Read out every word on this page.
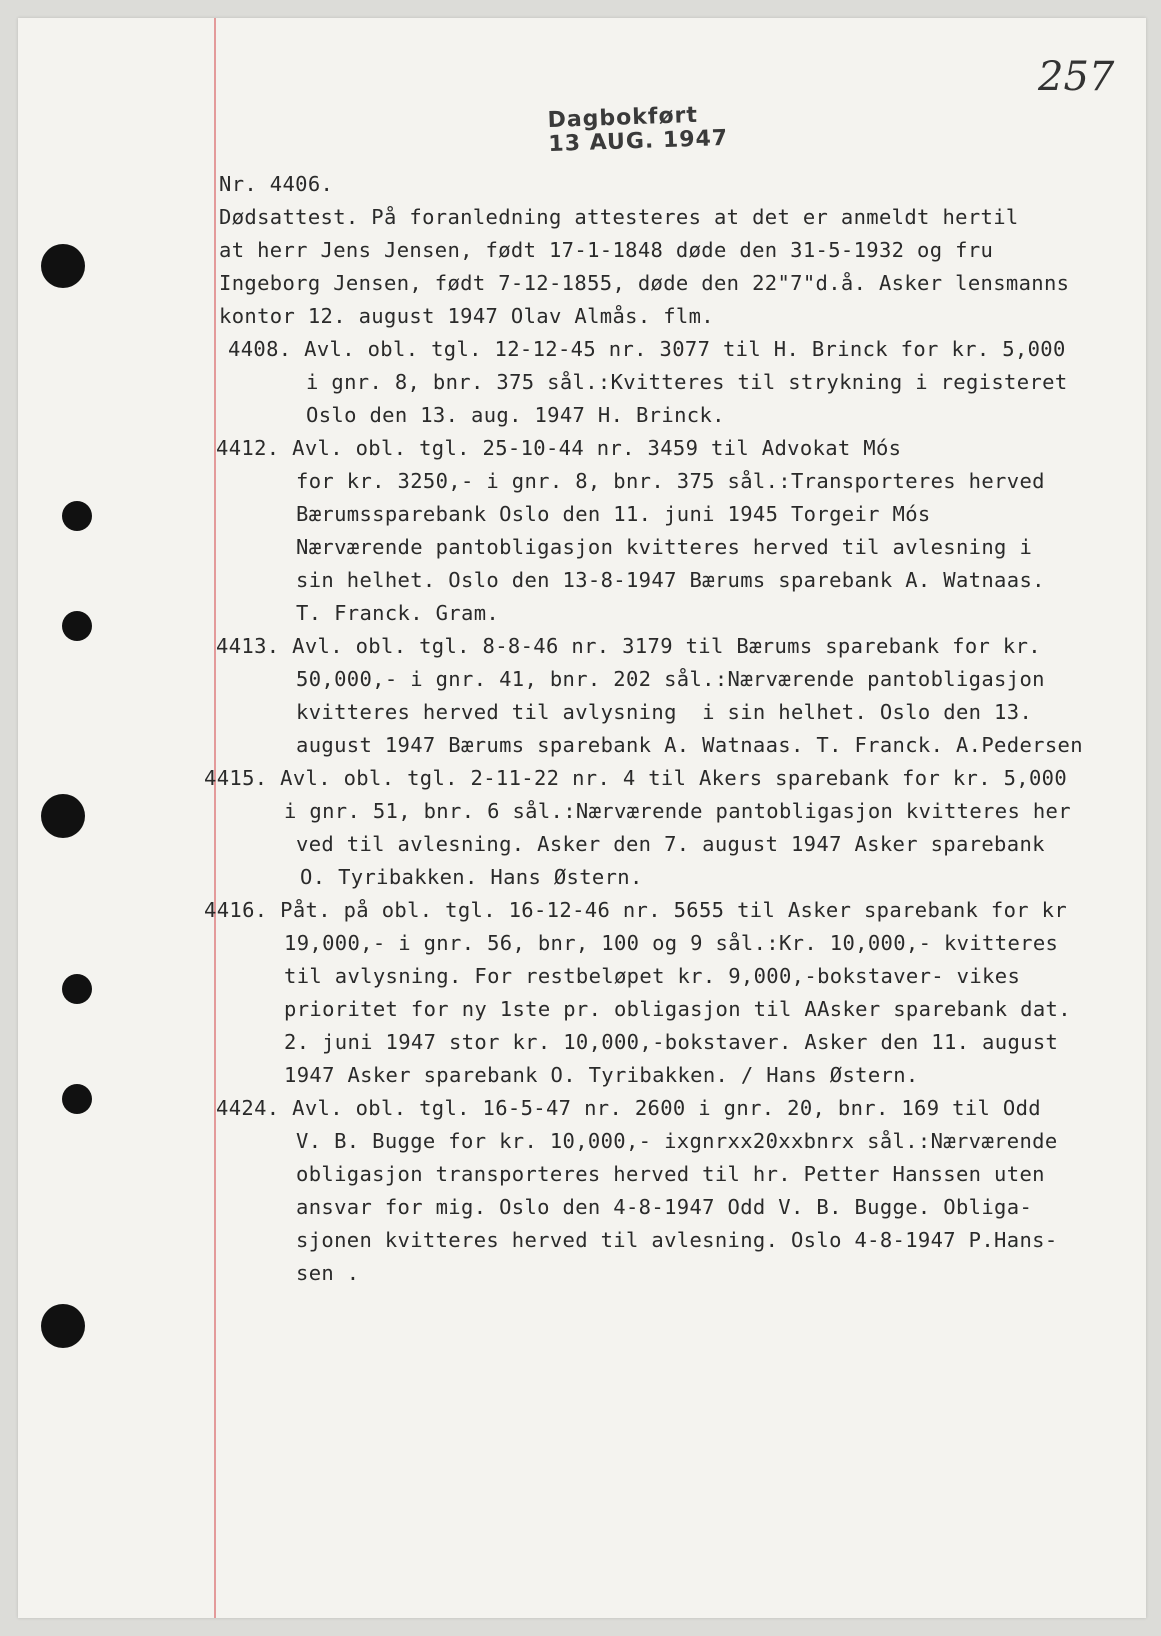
257
Dagbokført
13 AUG. 1947
Nr. 4406.
Dødsattest. På foranledning attesteres at det er anmeldt hertil
at herr Jens Jensen, født 17-1-1848 døde den 31-5-1932 og fru
Ingeborg Jensen, født 7-12-1855, døde den 22"7"d.å. Asker lensmanns
kontor 12. august 1947 Olav Almås. flm.
4408. Avl. obl. tgl. 12-12-45 nr. 3077 til H. Brinck for kr. 5,000
i gnr. 8, bnr. 375 sål.:Kvitteres til strykning i registeret
Oslo den 13. aug. 1947 H. Brinck.
4412. Avl. obl. tgl. 25-10-44 nr. 3459 til Advokat Mós
for kr. 3250,- i gnr. 8, bnr. 375 sål.:Transporteres herved
Bærumssparebank Oslo den 11. juni 1945 Torgeir Mós
Nærværende pantobligasjon kvitteres herved til avlesning i
sin helhet. Oslo den 13-8-1947 Bærums sparebank A. Watnaas.
T. Franck. Gram.
4413. Avl. obl. tgl. 8-8-46 nr. 3179 til Bærums sparebank for kr.
50,000,- i gnr. 41, bnr. 202 sål.:Nærværende pantobligasjon
kvitteres herved til avlysning  i sin helhet. Oslo den 13.
august 1947 Bærums sparebank A. Watnaas. T. Franck. A.Pedersen
4415. Avl. obl. tgl. 2-11-22 nr. 4 til Akers sparebank for kr. 5,000
i gnr. 51, bnr. 6 sål.:Nærværende pantobligasjon kvitteres her
ved til avlesning. Asker den 7. august 1947 Asker sparebank
O. Tyribakken. Hans Østern.
4416. Påt. på obl. tgl. 16-12-46 nr. 5655 til Asker sparebank for kr
19,000,- i gnr. 56, bnr, 100 og 9 sål.:Kr. 10,000,- kvitteres
til avlysning. For restbeløpet kr. 9,000,-bokstaver- vikes
prioritet for ny 1ste pr. obligasjon til AAsker sparebank dat.
2. juni 1947 stor kr. 10,000,-bokstaver. Asker den 11. august
1947 Asker sparebank O. Tyribakken. / Hans Østern.
4424. Avl. obl. tgl. 16-5-47 nr. 2600 i gnr. 20, bnr. 169 til Odd
V. B. Bugge for kr. 10,000,- ixgnrxx20xxbnrx sål.:Nærværende
obligasjon transporteres herved til hr. Petter Hanssen uten
ansvar for mig. Oslo den 4-8-1947 Odd V. B. Bugge. Obliga-
sjonen kvitteres herved til avlesning. Oslo 4-8-1947 P.Hans-
sen .
